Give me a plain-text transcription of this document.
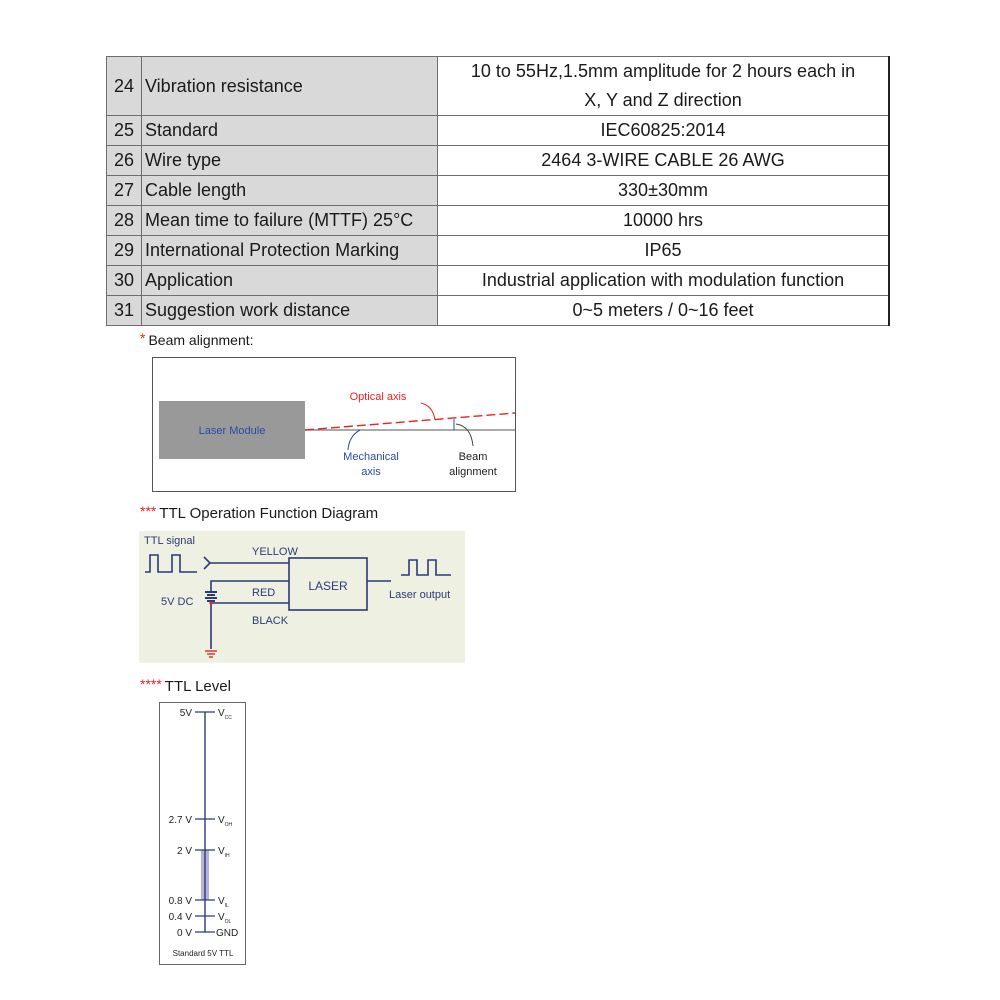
24	Vibration resistance	10 to 55Hz,1.5mm amplitude for 2 hours each in
X, Y and Z direction

25	Standard	IEC60825:2014
26	Wire type	2464 3-WIRE CABLE 26 AWG
27	Cable length	330±30mm
28	Mean time to failure (MTTF) 25°C	10000 hrs
29	International Protection Marking	IP65
30	Application	Industrial application with modulation function
31	Suggestion work distance	0~5 meters / 0~16 feet
* Beam alignment:
Laser Module
Optical axis
Mechanical
axis
Beam
alignment
*** TTL Operation Function Diagram
TTL signal
5V DC
YELLOW
RED
BLACK
LASER
Laser output
**** TTL Level
5V
2.7 V
2 V
0.8 V
0.4 V
0 V
$V_{CC}$
$V_{OH}$
$V_{IH}$
$V_{IL}$
$V_{OL}$
GND
Standard 5V TTL
